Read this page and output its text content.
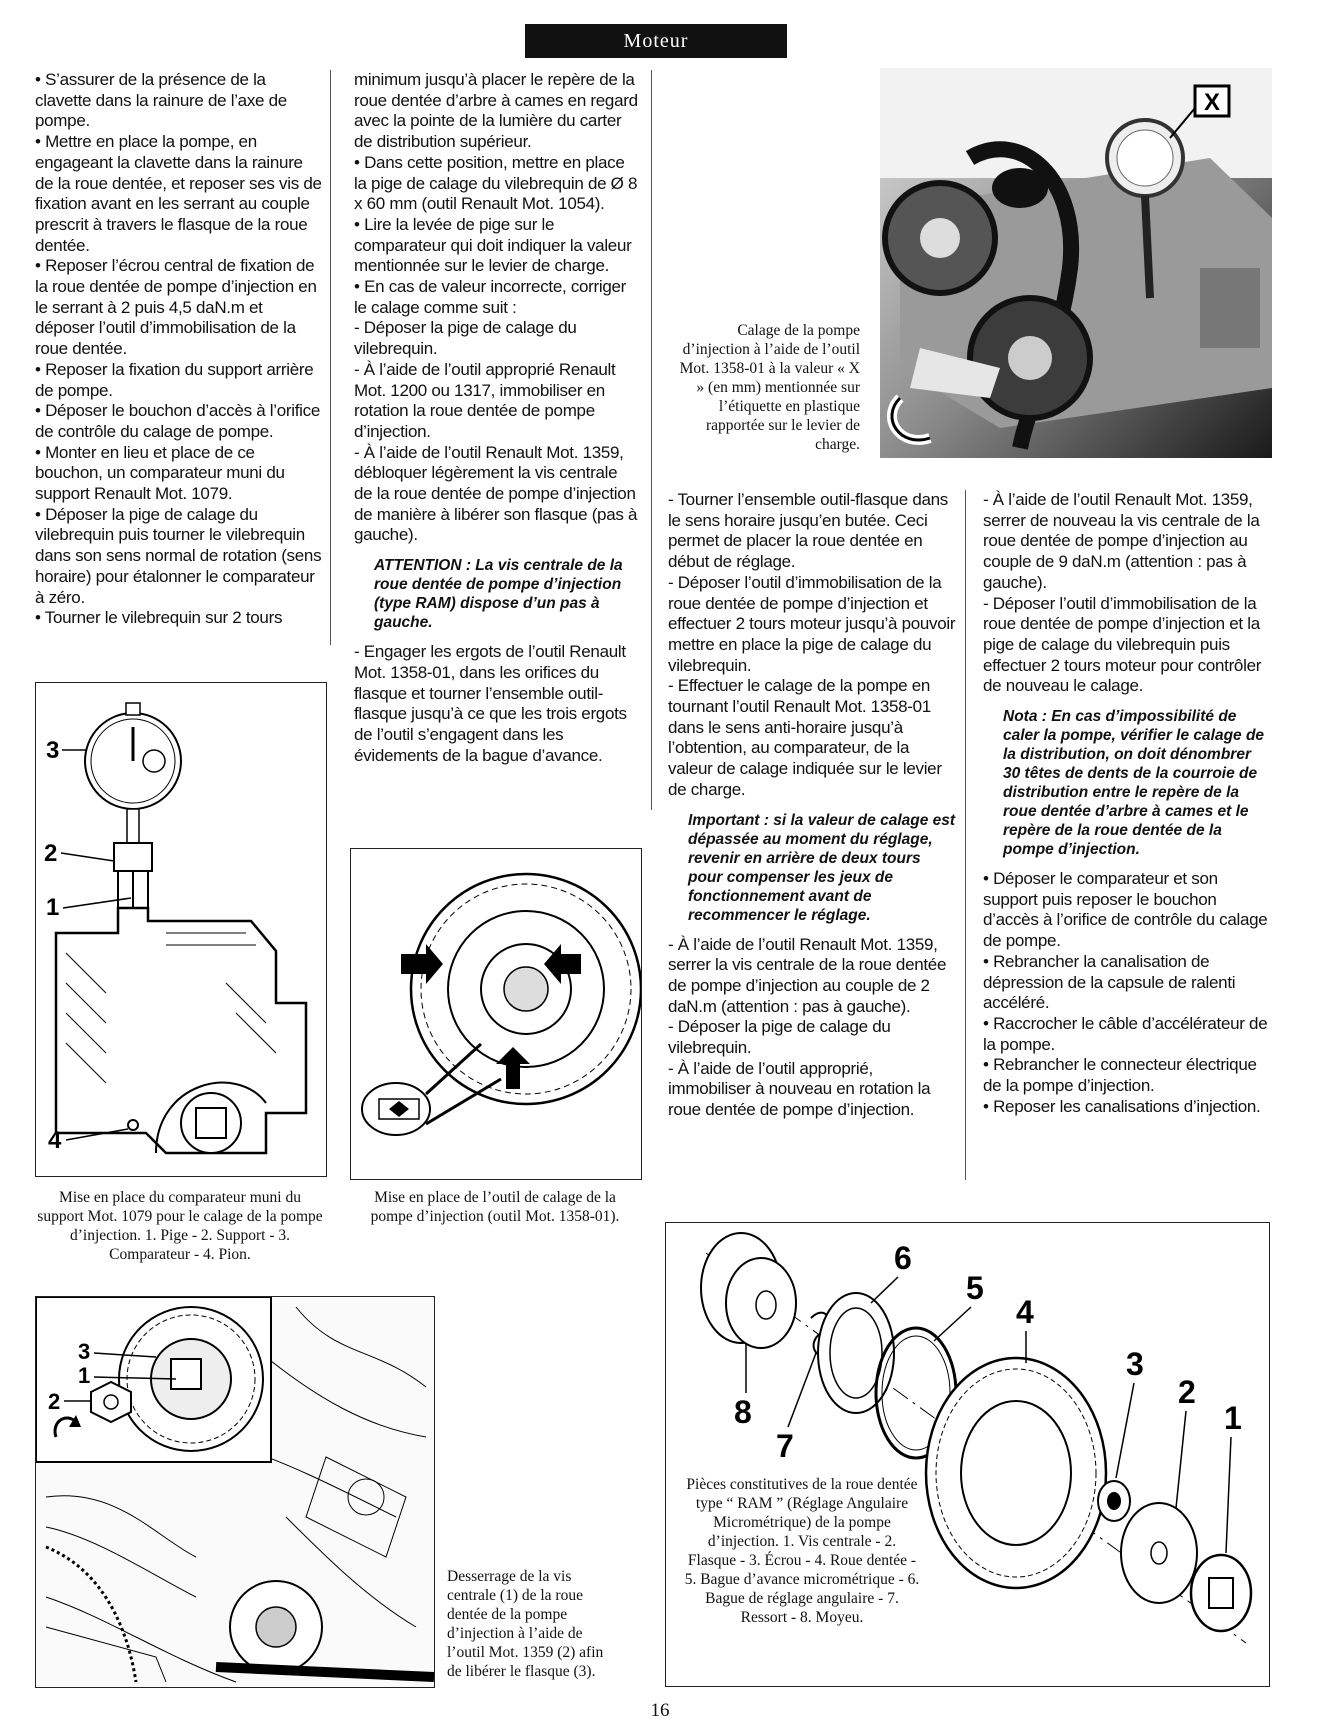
Moteur

• S’assurer de la présence de la clavette dans la rainure de l’axe de pompe.

• Mettre en place la pompe, en engageant la clavette dans la rainure de la roue dentée, et reposer ses vis de fixation avant en les serrant au couple prescrit à travers le flasque de la roue dentée.

• Reposer l’écrou central de fixation de la roue dentée de pompe d’injection en le serrant à 2 puis 4,5 daN.m et déposer l’outil d’immobilisation de la roue dentée.

• Reposer la fixation du support arrière de pompe.

• Déposer le bouchon d’accès à l’orifice de contrôle du calage de pompe.

• Monter en lieu et place de ce bouchon, un comparateur muni du support Renault Mot. 1079.

• Déposer la pige de calage du vilebrequin puis tourner le vilebrequin dans son sens normal de rotation (sens horaire) pour étalonner le comparateur à zéro.

• Tourner le vilebrequin sur 2 tours

minimum jusqu’à placer le repère de la roue dentée d’arbre à cames en regard avec la pointe de la lumière du carter de distribution supérieur.

• Dans cette position, mettre en place la pige de calage du vilebrequin de Ø 8 x 60 mm (outil Renault Mot. 1054).

• Lire la levée de pige sur le comparateur qui doit indiquer la valeur mentionnée sur le levier de charge.

• En cas de valeur incorrecte, corriger le calage comme suit :

- Déposer la pige de calage du vilebrequin.

- À l’aide de l’outil approprié Renault Mot. 1200 ou 1317, immobiliser en rotation la roue dentée de pompe d’injection.

- À l’aide de l’outil Renault Mot. 1359, débloquer légèrement la vis centrale de la roue dentée de pompe d’injection de manière à libérer son flasque (pas à gauche).

ATTENTION : La vis centrale de la roue dentée de pompe d’injection (type RAM) dispose d’un pas à gauche.

- Engager les ergots de l’outil Renault Mot. 1358-01, dans les orifices du flasque et tourner l’ensemble outil-flasque jusqu’à ce que les trois ergots de l’outil s’engagent dans les évidements de la bague d’avance.

Calage de la pompe d’injection à l’aide de l’outil Mot. 1358-01 à la valeur « X » (en mm) mentionnée sur l’étiquette en plastique rapportée sur le levier de charge.
X

- Tourner l’ensemble outil-flasque dans le sens horaire jusqu’en butée. Ceci permet de placer la roue dentée en début de réglage.

- Déposer l’outil d’immobilisation de la roue dentée de pompe d’injection et effectuer 2 tours moteur jusqu’à pouvoir mettre en place la pige de calage du vilebrequin.

- Effectuer le calage de la pompe en tournant l’outil Renault Mot. 1358-01 dans le sens anti-horaire jusqu’à l’obtention, au comparateur, de la valeur de calage indiquée sur le levier de charge.

Important : si la valeur de calage est dépassée au moment du réglage, revenir en arrière de deux tours pour compenser les jeux de fonctionnement avant de recommencer le réglage.

- À l’aide de l’outil Renault Mot. 1359, serrer la vis centrale de la roue dentée de pompe d’injection au couple de 2 daN.m (attention : pas à gauche).

- Déposer la pige de calage du vilebrequin.

- À l’aide de l’outil approprié, immobiliser à nouveau en rotation la roue dentée de pompe d’injection.

- À l’aide de l’outil Renault Mot. 1359, serrer de nouveau la vis centrale de la roue dentée de pompe d’injection au couple de 9 daN.m (attention : pas à gauche).

- Déposer l’outil d’immobilisation de la roue dentée de pompe d’injection et la pige de calage du vilebrequin puis effectuer 2 tours moteur pour contrôler de nouveau le calage.

Nota : En cas d’impossibilité de caler la pompe, vérifier le calage de la distribution, on doit dénombrer 30 têtes de dents de la courroie de distribution entre le repère de la roue dentée d’arbre à cames et le repère de la roue dentée de la pompe d’injection.

• Déposer le comparateur et son support puis reposer le bouchon d’accès à l’orifice de contrôle du calage de pompe.

• Rebrancher la canalisation de dépression de la capsule de ralenti accéléré.

• Raccrocher le câble d’accélérateur de la pompe.

• Rebrancher le connecteur électrique de la pompe d’injection.

• Reposer les canalisations d’injection.

3
2
1
4
Mise en place du comparateur muni du support Mot. 1079 pour le calage de la pompe d’injection. 1. Pige - 2. Support - 3. Comparateur - 4. Pion.
Mise en place de l’outil de calage de la pompe d’injection (outil Mot. 1358-01).
3
1
2
Desserrage de la vis centrale (1) de la roue dentée de la pompe d’injection à l’aide de l’outil Mot. 1359 (2) afin de libérer le flasque (3).
6
5
4
3
2
1
8
7
Pièces constitutives de la roue dentée type “ RAM ” (Réglage Angulaire Micrométrique) de la pompe d’injection. 1. Vis centrale - 2. Flasque - 3. Écrou - 4. Roue dentée - 5. Bague d’avance micrométrique - 6. Bague de réglage angulaire - 7. Ressort - 8. Moyeu.
16
